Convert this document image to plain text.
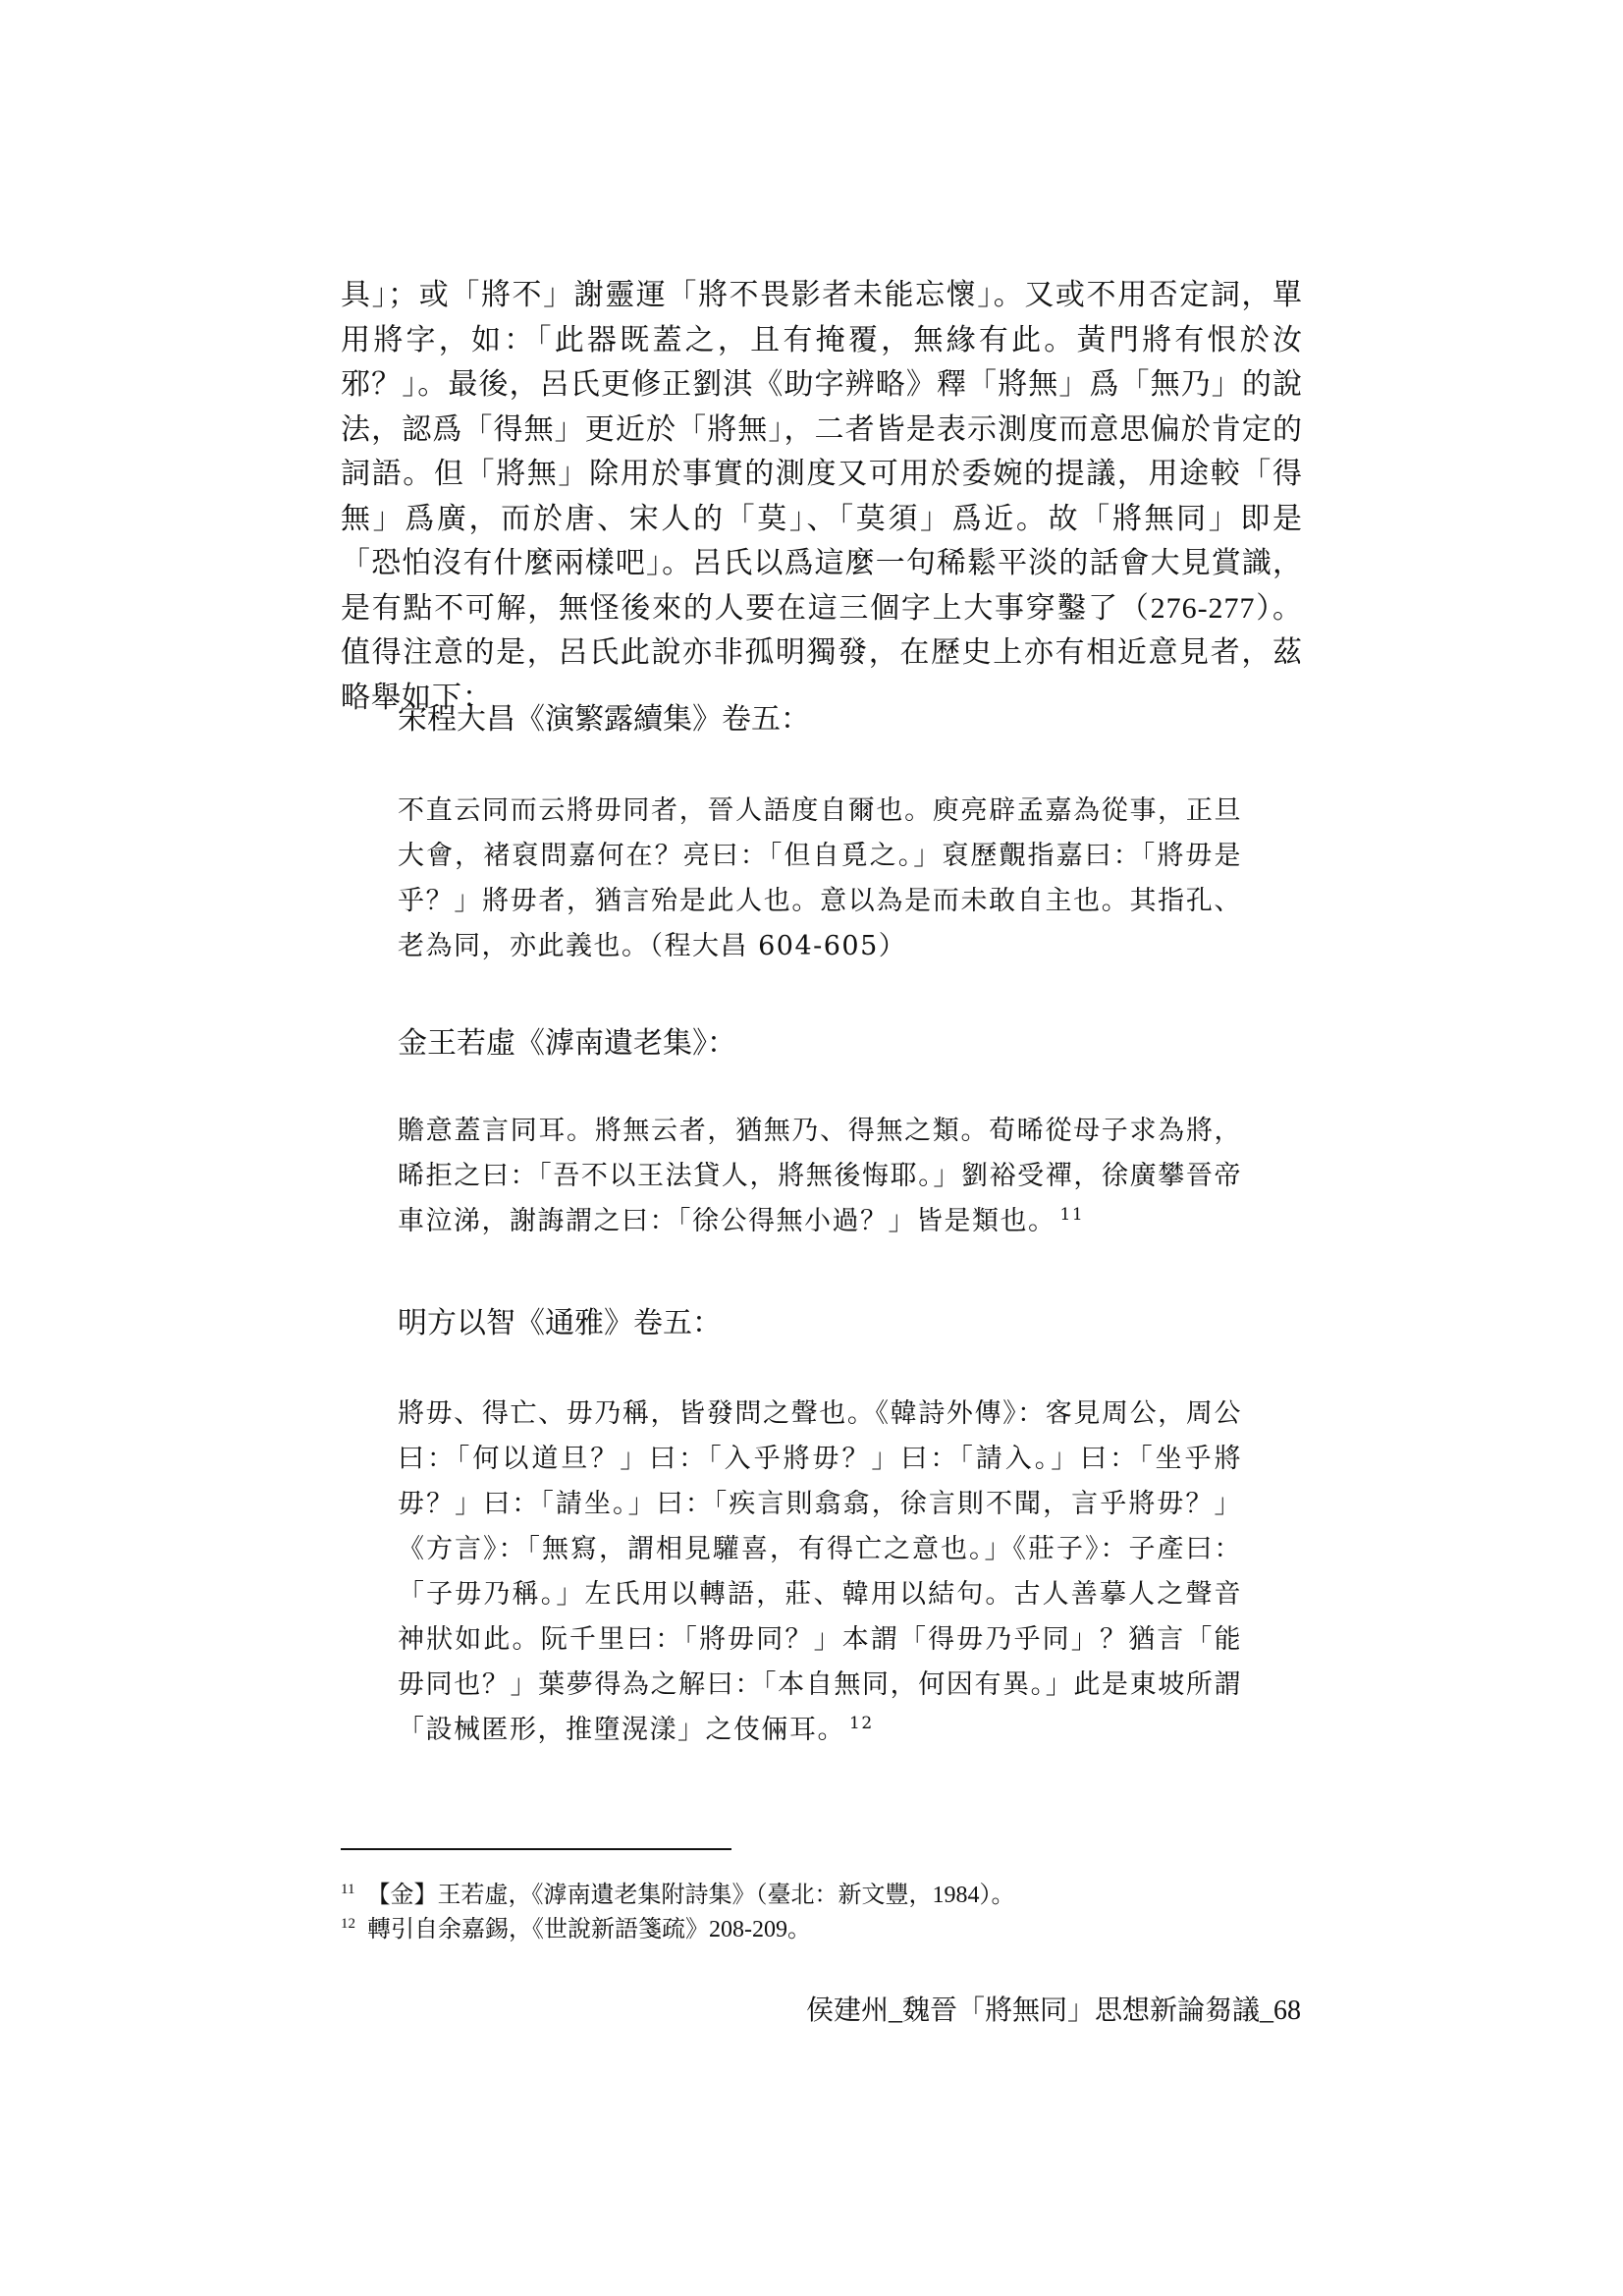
具」；或「將不」謝靈運「將不畏影者未能忘懷」。又或不用否定詞，單用將字，如：「此器既蓋之，且有掩覆，無緣有此。黃門將有恨於汝邪？」。最後，呂氏更修正劉淇《助字辨略》釋「將無」爲「無乃」的說法，認爲「得無」更近於「將無」，二者皆是表示測度而意思偏於肯定的詞語。但「將無」除用於事實的測度又可用於委婉的提議，用途較「得無」爲廣，而於唐、宋人的「莫」、「莫須」爲近。故「將無同」即是「恐怕沒有什麼兩樣吧」。呂氏以爲這麼一句稀鬆平淡的話會大見賞識，是有點不可解，無怪後來的人要在這三個字上大事穿鑿了（276-277）。值得注意的是，呂氏此說亦非孤明獨發，在歷史上亦有相近意見者，茲略舉如下：

宋程大昌《演繁露續集》卷五：

不直云同而云將毋同者，晉人語度自爾也。庾亮辟孟嘉為從事，正旦大會，褚裒問嘉何在？亮曰：「但自覓之。」裒歷覿指嘉曰：「將毋是乎？」將毋者，猶言殆是此人也。意以為是而未敢自主也。其指孔、老為同，亦此義也。（程大昌 604-605）

金王若虛《滹南遺老集》：

贍意蓋言同耳。將無云者，猶無乃、得無之類。荀晞從母子求為將，晞拒之曰：「吾不以王法貸人，將無後悔耶。」劉裕受禪，徐廣攀晉帝車泣涕，謝誨謂之曰：「徐公得無小過？」皆是類也。 $^{11}$

明方以智《通雅》卷五：

將毋、得亡、毋乃稱，皆發問之聲也。《韓詩外傳》：客見周公，周公曰：「何以道旦？」曰：「入乎將毋？」曰：「請入。」曰：「坐乎將毋？」曰：「請坐。」曰：「疾言則翕翕，徐言則不聞，言乎將毋？」《方言》：「無寫，謂相見驩喜，有得亡之意也。」《莊子》：子產曰：「子毋乃稱。」左氏用以轉語，莊、韓用以結句。古人善摹人之聲音神狀如此。阮千里曰：「將毋同？」本謂「得毋乃乎同」？猶言「能毋同也？」葉夢得為之解曰：「本自無同，何因有異。」此是東坡所謂「設械匿形，推墮滉漾」之伎倆耳。 $^{12}$

$^{11}$ 【金】王若虛，《滹南遺老集附詩集》（臺北：新文豐，1984）。

$^{12}$ 轉引自余嘉錫，《世說新語箋疏》208-209。

侯建州_魏晉「將無同」思想新論芻議_68
